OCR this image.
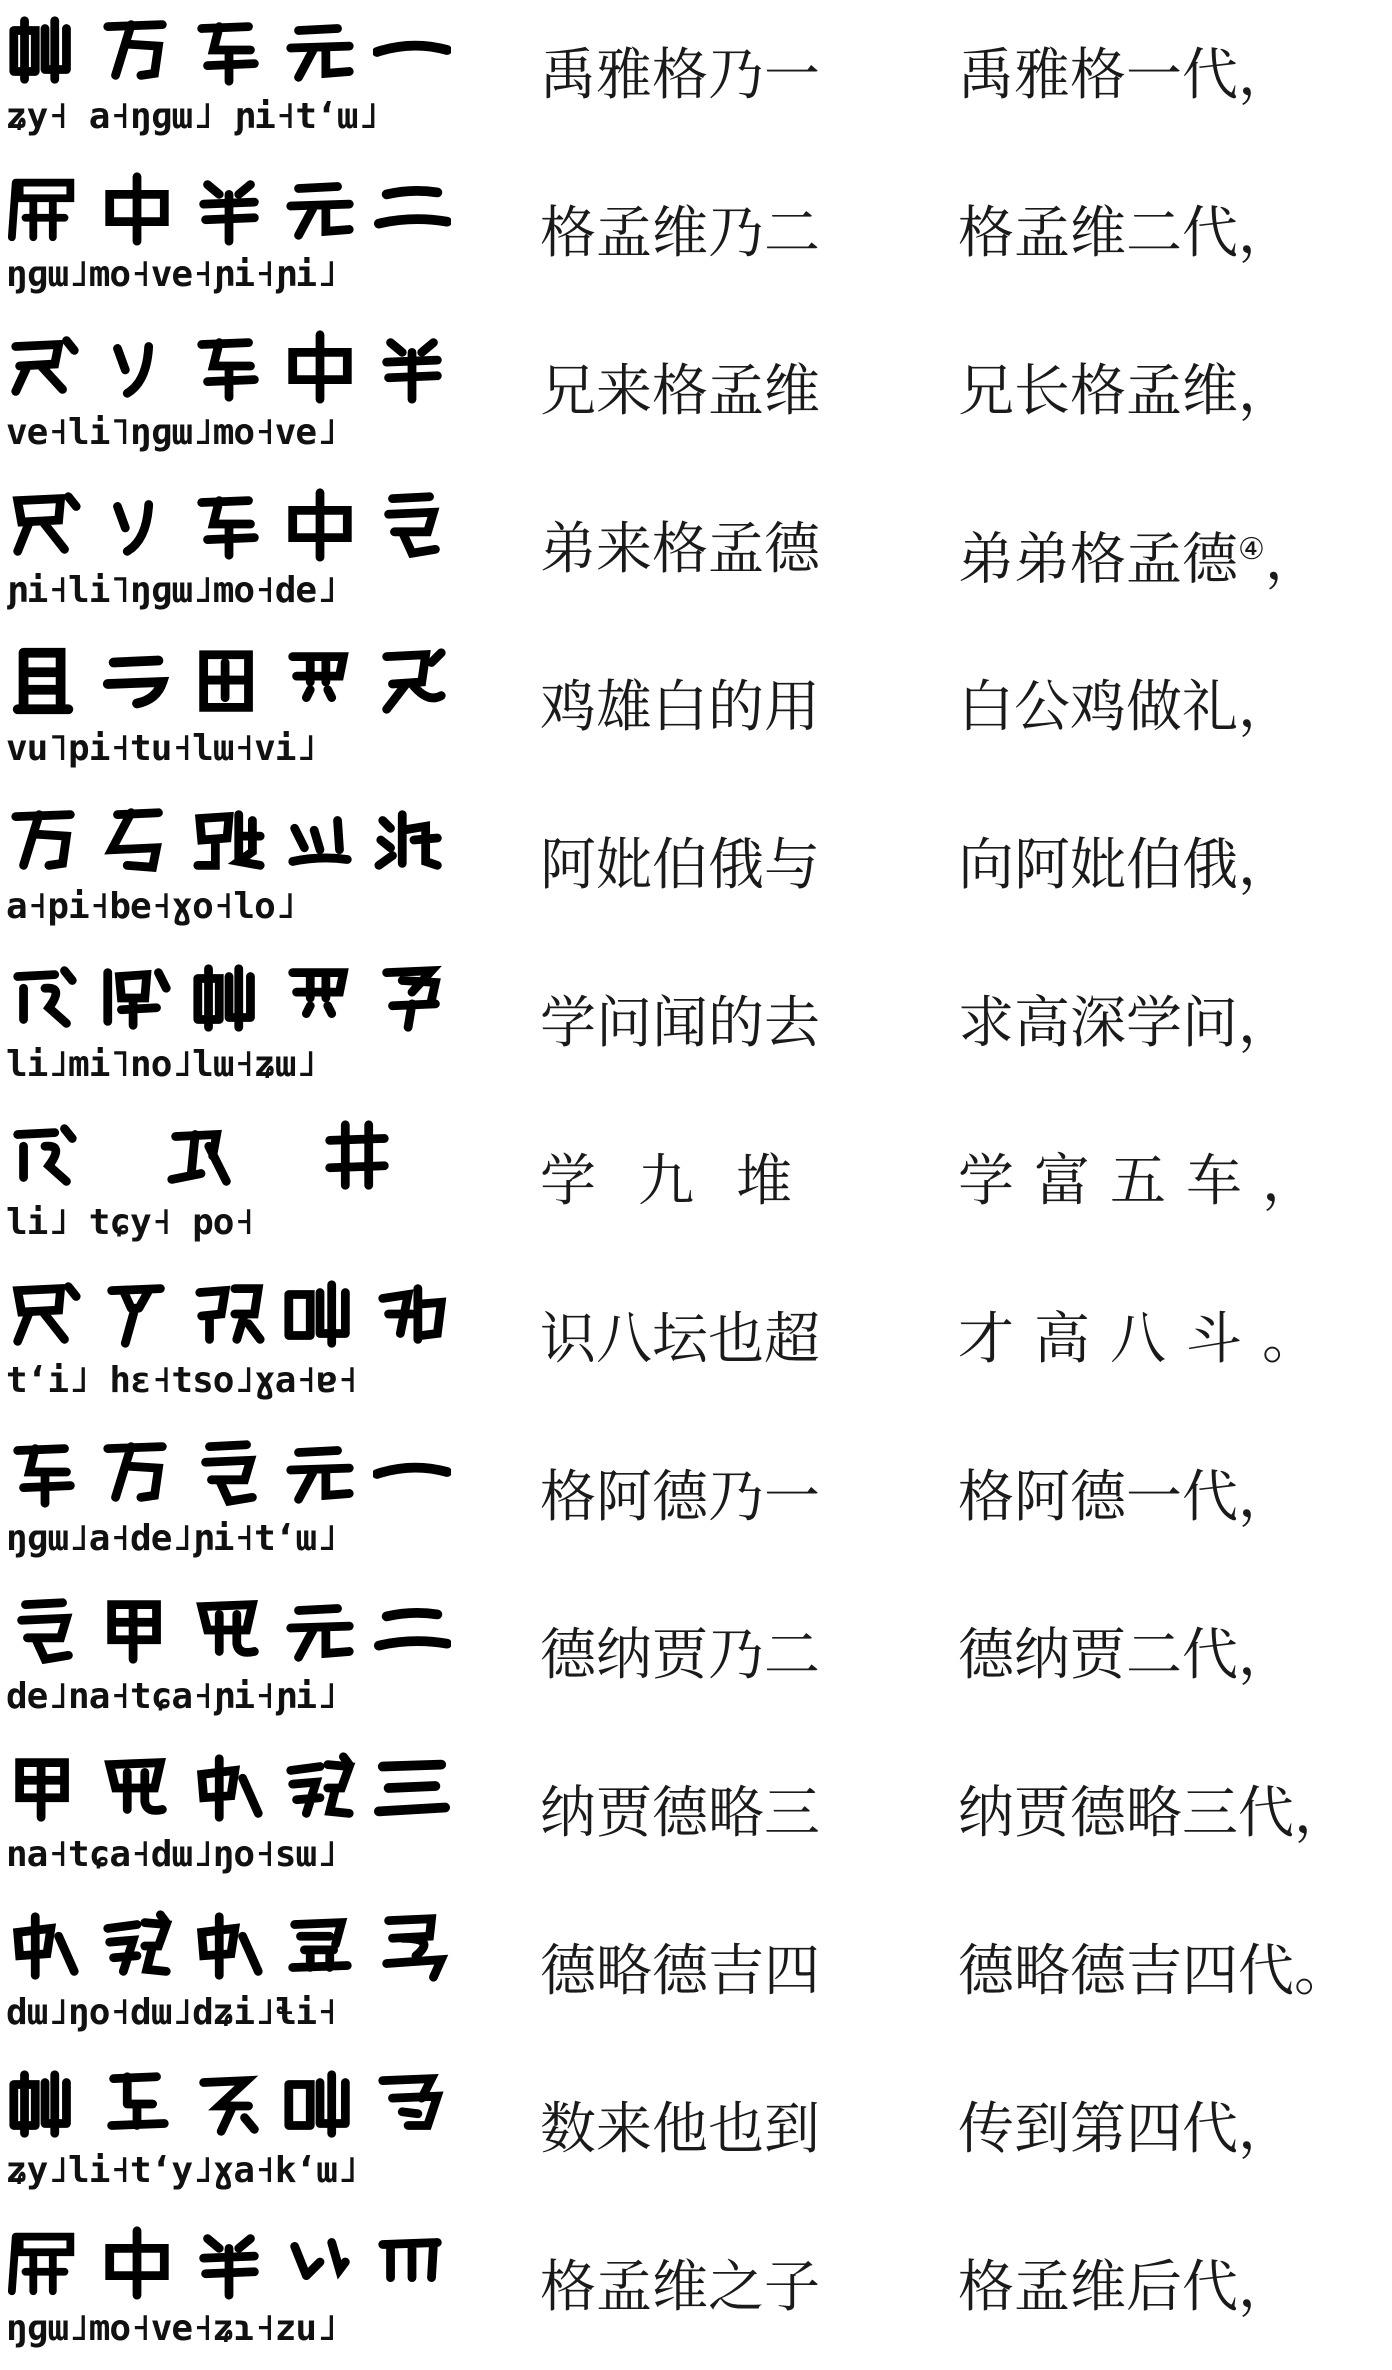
ʑy˧ a˧ŋɡɯ˩ ɲi˧t‘ɯ˩
禹雅格乃一 禹雅格一代，
ŋɡɯ˩mo˧ve˧ɲi˧ɲi˩
格孟维乃二 格孟维二代，
ve˧li˥ŋɡɯ˩mo˧ve˩
兄来格孟维 兄长格孟维，
ɲi˧li˥ŋɡɯ˩mo˧de˩
弟来格孟德 弟弟格孟德④，
vu˥pi˧tu˧lɯ˧vi˩
鸡雄白的用 白公鸡做礼，
a˧pi˧be˧ɣo˧lo˩
阿妣伯俄与 向阿妣伯俄，
li˩mi˥no˩lɯ˧ʑɯ˩
学问闻的去 求高深学问，
li˩ tɕy˧ po˧
学九堆 学富五车，
t‘i˩ hɛ˧tso˩ɣa˧ɐ˧
识八坛也超 才高八斗。
ŋɡɯ˩a˧de˩ɲi˧t‘ɯ˩
格阿德乃一 格阿德一代，
de˩na˧tɕa˧ɲi˧ɲi˩
德纳贾乃二 德纳贾二代，
na˧tɕa˧dɯ˩ŋo˧sɯ˩
纳贾德略三 纳贾德略三代，
dɯ˩ŋo˧dɯ˩dʑi˩ɬi˧
德略德吉四 德略德吉四代。
ʑy˩li˧t‘y˩ɣa˧k‘ɯ˩
数来他也到 传到第四代，
ŋɡɯ˩mo˧ve˧ʑɿ˧zu˩
格孟维之子 格孟维后代，
